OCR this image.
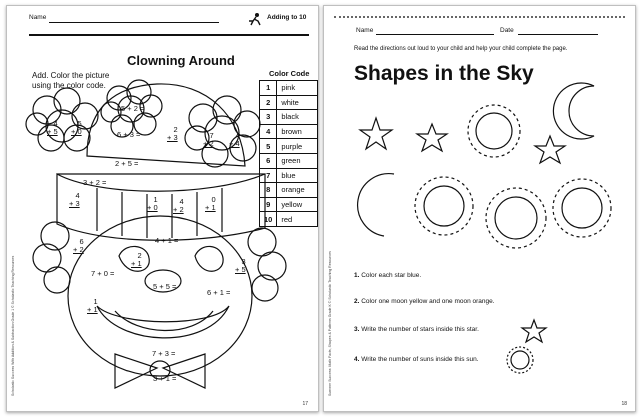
Name	Adding to 10
Clowning Around
Add. Color the picture
using the color code.
Color Code
1	pink
2	white
3	black
4	brown
5	purple
6	green
7	blue
8	orange
9	yellow
10	red
5 + 2 =
6 + 3 =
2 + 5 =
3 + 2 =
4 + 1 =
7 + 0 =
5 + 5 =
6 + 1 =
7 + 3 =
3 + 1 =
4
+ 5
5
+ 0	2
+ 3	7
+ 2
4
+ 4
4
+ 3	1
+ 0
4
+ 2
0
+ 1
6
+ 2
2
+ 1	3
+ 5
1
+ 1
Scholastic Success With Addition & Subtraction Grade 1 © Scholastic Teaching Resources
17
Name	Date
Read the directions out loud to your child and help your child complete the page.
Shapes in the Sky
1. Color each star blue.
2. Color one moon yellow and one moon orange.
3. Write the number of stars inside this star.
4. Write the number of suns inside this sun.
Summer Success: Math Facts, Shapes & Patterns Grade K © Scholastic Teaching Resources
18
